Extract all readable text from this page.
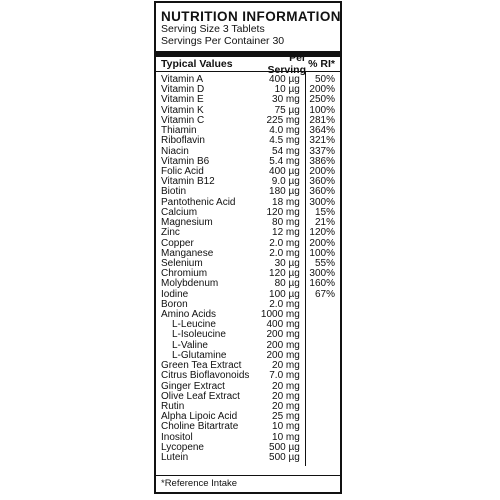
NUTRITION INFORMATION
Serving Size 3 Tablets
Servings Per Container 30
Typical Values	Per Serving % RI*
Vitamin A	400 µg	50%
Vitamin D	10 µg 200%
Vitamin E	30 mg 250%
Vitamin K	75 µg 100%
Vitamin C	225 mg 281%
Thiamin	4.0 mg 364%
Riboflavin	4.5 mg 321%
Niacin	54 mg 337%
Vitamin B6	5.4 mg 386%
Folic Acid	400 µg 200%
Vitamin B12	9.0 µg 360%
Biotin	180 µg 360%
Pantothenic Acid	18 mg 300%
Calcium	120 mg	15%
Magnesium	80 mg	21%
Zinc	12 mg 120%
Copper	2.0 mg 200%
Manganese	2.0 mg 100%
Selenium	30 µg	55%
Chromium	120 µg 300%
Molybdenum	80 µg 160%
Iodine	100 µg	67%
Boron	2.0 mg
Amino Acids	1000 mg
L-Leucine	400 mg
L-Isoleucine	200 mg
L-Valine	200 mg
L-Glutamine	200 mg
Green Tea Extract	20 mg
Citrus Bioflavonoids	7.0 mg
Ginger Extract	20 mg
Olive Leaf Extract	20 mg
Rutin	20 mg
Alpha Lipoic Acid	25 mg
Choline Bitartrate	10 mg
Inositol	10 mg
Lycopene	500 µg
Lutein	500 µg
*Reference Intake
